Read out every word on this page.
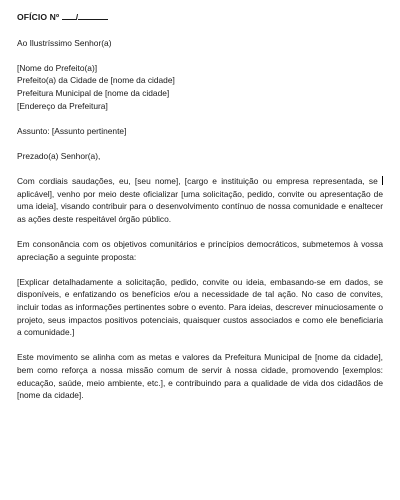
OFÍCIO Nº /
Ao Ilustríssimo Senhor(a)
[Nome do Prefeito(a)]
Prefeito(a) da Cidade de [nome da cidade]
Prefeitura Municipal de [nome da cidade]
[Endereço da Prefeitura]
Assunto: [Assunto pertinente]
Prezado(a) Senhor(a),
Com cordiais saudações, eu, [seu nome], [cargo e instituição ou empresa representada, se aplicável], venho por meio deste oficializar [uma solicitação, pedido, convite ou apresentação de uma ideia], visando contribuir para o desenvolvimento contínuo de nossa comunidade e enaltecer as ações deste respeitável órgão público.
Em consonância com os objetivos comunitários e princípios democráticos, submetemos à vossa apreciação a seguinte proposta:
[Explicar detalhadamente a solicitação, pedido, convite ou ideia, embasando-se em dados, se disponíveis, e enfatizando os benefícios e/ou a necessidade de tal ação. No caso de convites, incluir todas as informações pertinentes sobre o evento. Para ideias, descrever minuciosamente o projeto, seus impactos positivos potenciais, quaisquer custos associados e como ele beneficiaria a comunidade.]
Este movimento se alinha com as metas e valores da Prefeitura Municipal de [nome da cidade], bem como reforça a nossa missão comum de servir à nossa cidade, promovendo [exemplos: educação, saúde, meio ambiente, etc.], e contribuindo para a qualidade de vida dos cidadãos de [nome da cidade].
